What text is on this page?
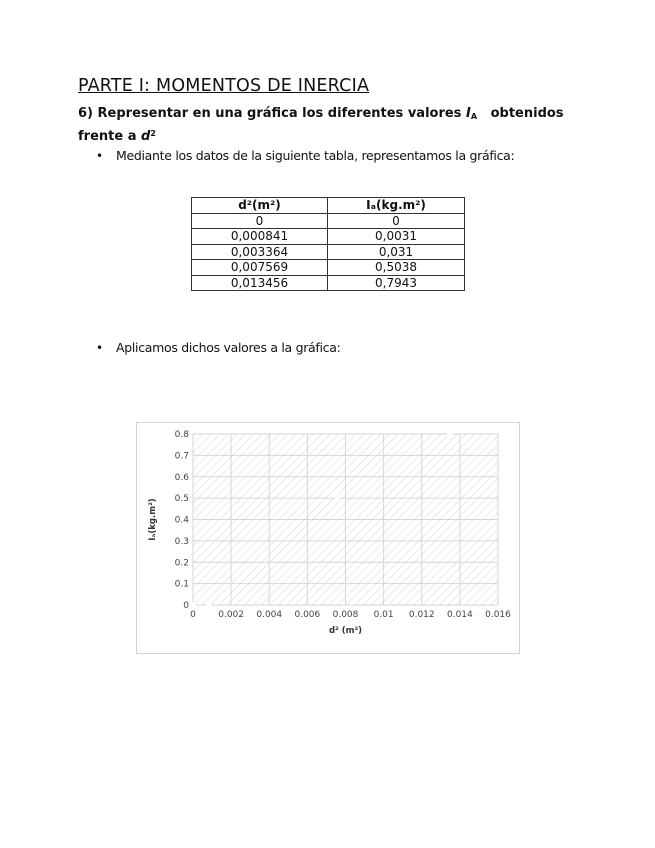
PARTE I: MOMENTOS DE INERCIA
6) Representar en una gráfica los diferentes valores $I_A$ obtenidos frente a $d^2$
• Mediante los datos de la siguiente tabla, representamos la gráfica:
d²(m²)	Iₐ(kg.m²)
0	0
0,000841	0,0031
0,003364	0,031
0,007569	0,5038
0,013456	0,7943
• Aplicamos dichos valores a la gráfica:
0 0.002 0.004 0.006 0.008 0.01 0.012 0.014 0.016
0
0.1
0.2
0.3
0.4
0.5
0.6
0.7
0.8
d² (m²)
Iₐ(kg.m²)
